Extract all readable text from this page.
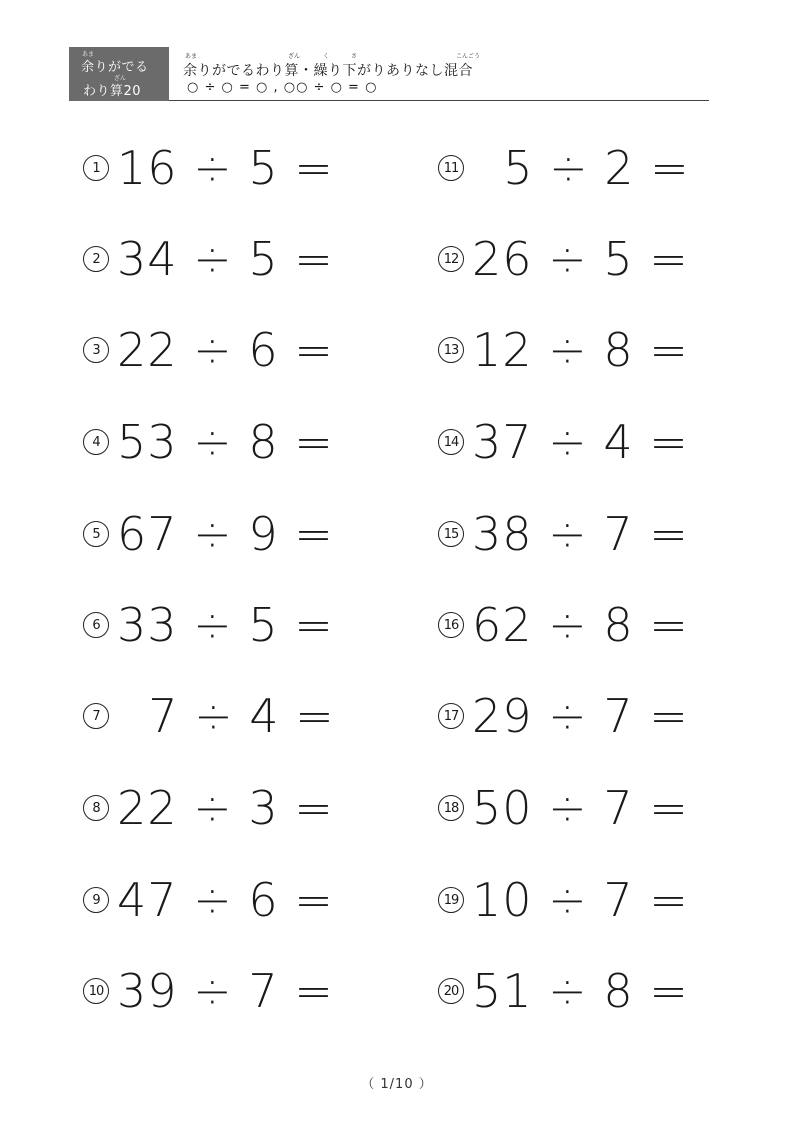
あま
余りがでる
ざん
わり算20
あま	ざん	く	さ	こんごう
余りがでるわり算・繰り下がりありなし混合
○ ÷ ○ = ○ , ○○ ÷ ○ = ○
1 16 ÷ 5 =
2 34 ÷ 5 =
3 22 ÷ 6 =
4 53 ÷ 8 =
5 67 ÷ 9 =
6 33 ÷ 5 =
7 7 ÷ 4 =
8 22 ÷ 3 =
9 47 ÷ 6 =
10 39 ÷ 7 =
11 5 ÷ 2 =
12 26 ÷ 5 =
13 12 ÷ 8 =
14 37 ÷ 4 =
15 38 ÷ 7 =
16 62 ÷ 8 =
17 29 ÷ 7 =
18 50 ÷ 7 =
19 10 ÷ 7 =
20 51 ÷ 8 =
（ 1/10 ）
